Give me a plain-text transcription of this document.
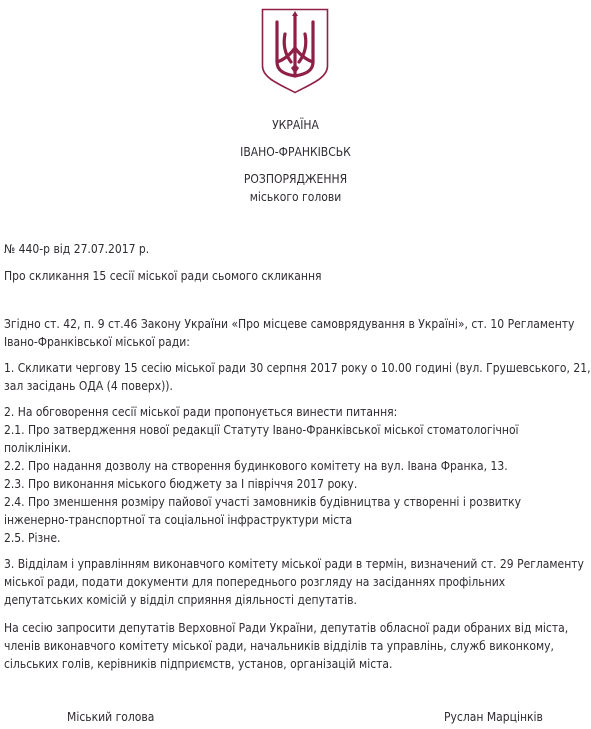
УКРАЇНА
ІВАНО-ФРАНКІВСЬК
РОЗПОРЯДЖЕННЯ
міського голови
№ 440-р від 27.07.2017 р.
Про скликання 15 сесії міської ради сьомого скликання
Згідно ст. 42, п. 9 ст.46 Закону України «Про місцеве самоврядування в Україні», ст. 10 Регламенту
Івано-Франківської міської ради:
1. Скликати чергову 15 сесію міської ради 30 серпня 2017 року о 10.00 годині (вул. Грушевського, 21,
зал засідань ОДА (4 поверх)).
2. На обговорення сесії міської ради пропонується винести питання:
2.1. Про затвердження нової редакції Статуту Івано-Франківської міської стоматологічної
поліклініки.
2.2. Про надання дозволу на створення будинкового комітету на вул. Івана Франка, 13.
2.3. Про виконання міського бюджету за І півріччя 2017 року.
2.4. Про зменшення розміру пайової участі замовників будівництва у створенні і розвитку
інженерно-транспортної та соціальної інфраструктури міста
2.5. Різне.
3. Відділам і управлінням виконавчого комітету міської ради в термін, визначений ст. 29 Регламенту
міської ради, подати документи для попереднього розгляду на засіданнях профільних
депутатських комісій у відділ сприяння діяльності депутатів.
На сесію запросити депутатів Верховної Ради України, депутатів обласної ради обраних від міста,
членів виконавчого комітету міської ради, начальників відділів та управлінь, служб виконкому,
сільських голів, керівників підприємств, установ, організацій міста.
Міський голова	Руслан Марцінків
